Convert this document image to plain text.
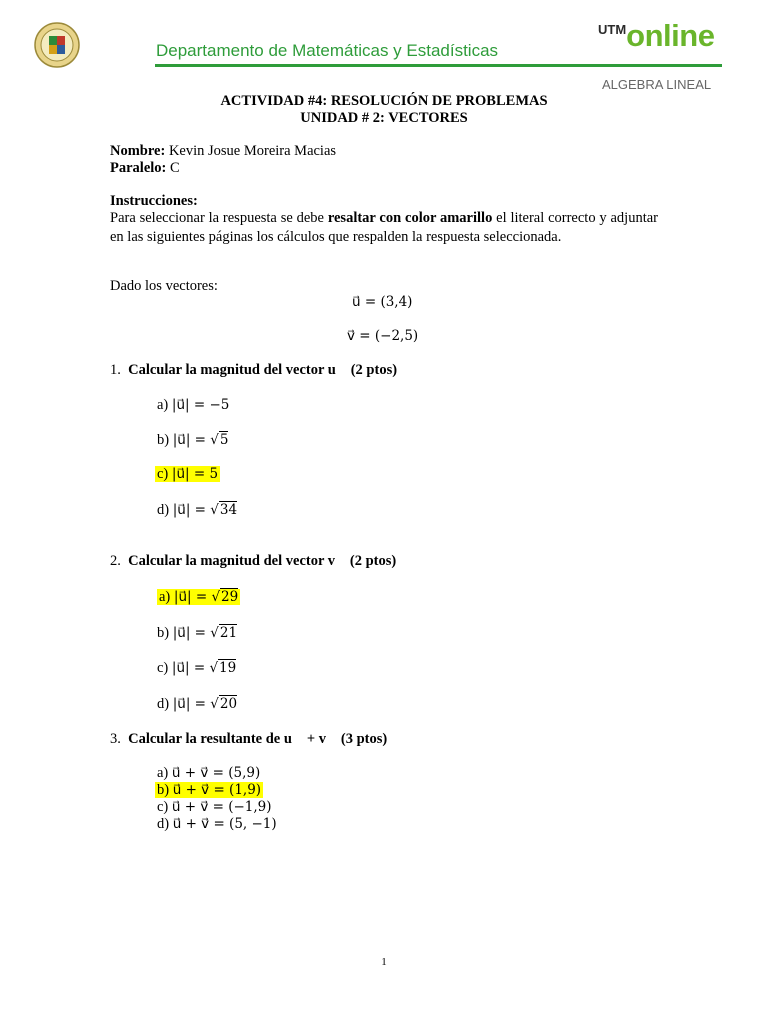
Departamento de Matemáticas y Estadísticas
UTMonline
ALGEBRA LINEAL
ACTIVIDAD #4: RESOLUCIÓN DE PROBLEMAS
UNIDAD # 2: VECTORES
Nombre: Kevin Josue Moreira Macias
Paralelo: C
Instrucciones:
Para seleccionar la respuesta se debe resaltar con color amarillo el literal correcto y adjuntar en las siguientes páginas los cálculos que respalden la respuesta seleccionada.
Dado los vectores:
u⃗ = (3,4)
v⃗ = (−2,5)
1. Calcular la magnitud del vector u⃗ (2 ptos)
a) |u⃗| = −5
b) |u⃗| = √5
c) |u⃗| = 5
d) |u⃗| = √34
2. Calcular la magnitud del vector v⃗ (2 ptos)
a) |u⃗| = √29
b) |u⃗| = √21
c) |u⃗| = √19
d) |u⃗| = √20
3. Calcular la resultante de u⃗ + v⃗ (3 ptos)
a) u⃗ + v⃗ = (5,9)
b) u⃗ + v⃗ = (1,9)
c) u⃗ + v⃗ = (−1,9)
d) u⃗ + v⃗ = (5, −1)
1
